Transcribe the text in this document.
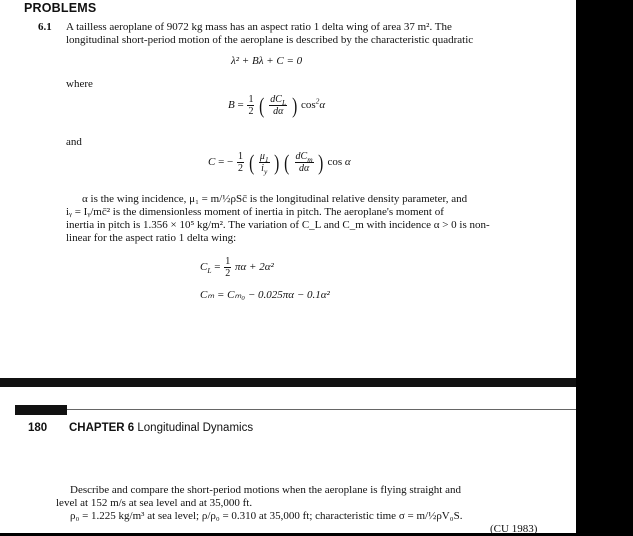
PROBLEMS
6.1 A tailless aeroplane of 9072 kg mass has an aspect ratio 1 delta wing of area 37 m². The
longitudinal short-period motion of the aeroplane is described by the characteristic quadratic
λ² + Bλ + C = 0
where
$B = \frac{1}{2}$ ( $\frac{dC_L}{d\alpha}$ ) $\cos^2\alpha$
and
C = − $\frac{1}{2}$ ( $\frac{\mu_1}{i_y}$ ) ( $\frac{dC_m}{d\alpha}$ ) cos α
α is the wing incidence, μ₁ = m/½ρSc̄ is the longitudinal relative density parameter, and
iᵧ = Iᵧ/mc̄² is the dimensionless moment of inertia in pitch. The aeroplane's moment of
inertia in pitch is 1.356 × 10⁵ kg/m². The variation of C_L and C_m with incidence α > 0 is non-
linear for the aspect ratio 1 delta wing:
$C_L = \frac{1}{2}$ πα + 2α²
Cₘ = Cₘ₀ − 0.025πα − 0.1α²
180 CHAPTER 6 Longitudinal Dynamics
Describe and compare the short-period motions when the aeroplane is flying straight and
level at 152 m/s at sea level and at 35,000 ft.
ρ₀ = 1.225 kg/m³ at sea level; ρ/ρ₀ = 0.310 at 35,000 ft; characteristic time σ = m/½ρV₀S.
(CU 1983)
